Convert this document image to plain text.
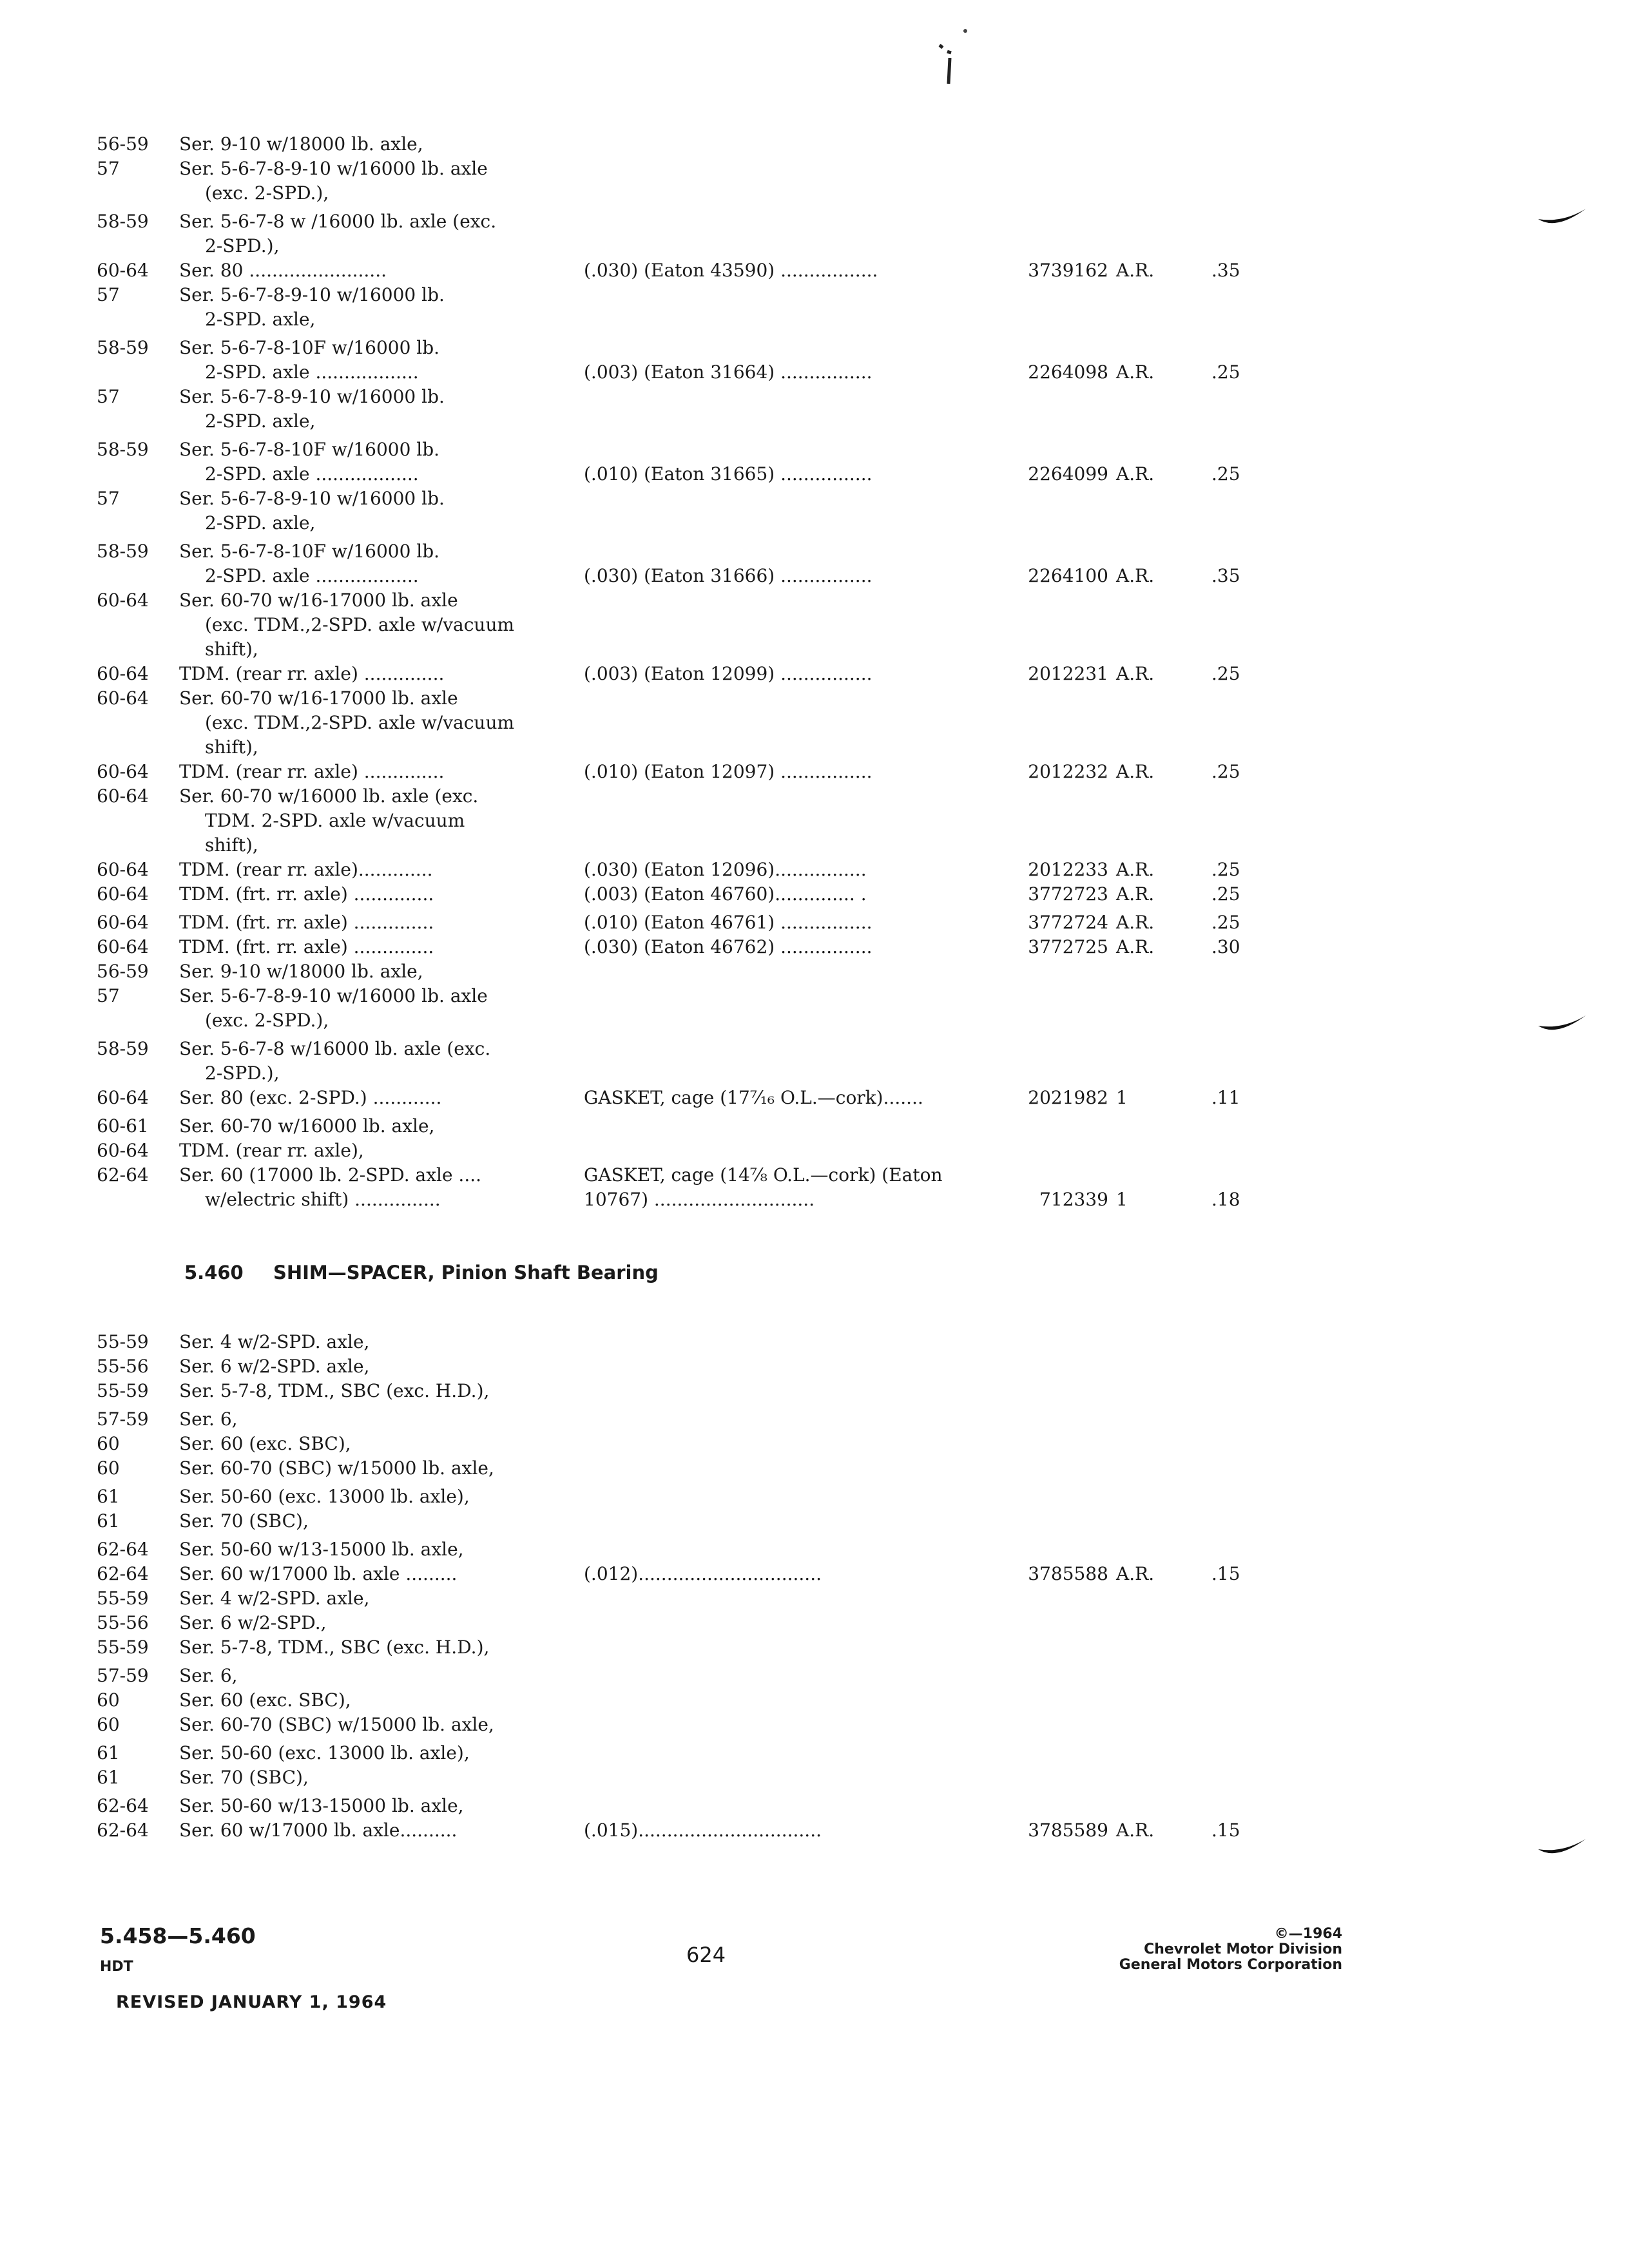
56-59	Ser. 9-10 w/18000 lb. axle,
57	Ser. 5-6-7-8-9-10 w/16000 lb. axle
(exc. 2-SPD.),
58-59	Ser. 5-6-7-8 w /16000 lb. axle (exc.
2-SPD.),
60-64	Ser. 80 ........................	(.030) (Eaton 43590) .................	3739162 A.R.	.35
57	Ser. 5-6-7-8-9-10 w/16000 lb.
2-SPD. axle,
58-59	Ser. 5-6-7-8-10F w/16000 lb.
2-SPD. axle ..................	(.003) (Eaton 31664) ................	2264098 A.R.	.25
57	Ser. 5-6-7-8-9-10 w/16000 lb.
2-SPD. axle,
58-59	Ser. 5-6-7-8-10F w/16000 lb.
2-SPD. axle ..................	(.010) (Eaton 31665) ................	2264099 A.R.	.25
57	Ser. 5-6-7-8-9-10 w/16000 lb.
2-SPD. axle,
58-59	Ser. 5-6-7-8-10F w/16000 lb.
2-SPD. axle ..................	(.030) (Eaton 31666) ................	2264100 A.R.	.35
60-64	Ser. 60-70 w/16-17000 lb. axle
(exc. TDM.,2-SPD. axle w/vacuum
shift),
60-64	TDM. (rear rr. axle) ..............	(.003) (Eaton 12099) ................	2012231 A.R.	.25
60-64	Ser. 60-70 w/16-17000 lb. axle
(exc. TDM.,2-SPD. axle w/vacuum
shift),
60-64	TDM. (rear rr. axle) ..............	(.010) (Eaton 12097) ................	2012232 A.R.	.25
60-64	Ser. 60-70 w/16000 lb. axle (exc.
TDM. 2-SPD. axle w/vacuum
shift),
60-64	TDM. (rear rr. axle).............	(.030) (Eaton 12096)................	2012233 A.R.	.25
60-64	TDM. (frt. rr. axle) ..............	(.003) (Eaton 46760).............. .	3772723 A.R.	.25
60-64	TDM. (frt. rr. axle) ..............	(.010) (Eaton 46761) ................	3772724 A.R.	.25
60-64	TDM. (frt. rr. axle) ..............	(.030) (Eaton 46762) ................	3772725 A.R.	.30
56-59	Ser. 9-10 w/18000 lb. axle,
57	Ser. 5-6-7-8-9-10 w/16000 lb. axle
(exc. 2-SPD.),
58-59	Ser. 5-6-7-8 w/16000 lb. axle (exc.
2-SPD.),
60-64	Ser. 80 (exc. 2-SPD.) ............	GASKET, cage (17⁷⁄₁₆ O.L.—cork).......	2021982 1	.11
60-61	Ser. 60-70 w/16000 lb. axle,
60-64	TDM. (rear rr. axle),
62-64	Ser. 60 (17000 lb. 2-SPD. axle ....	GASKET, cage (14⅞ O.L.—cork) (Eaton
w/electric shift) ...............	10767) ............................	712339 1	.18
5.460 SHIM—SPACER, Pinion Shaft Bearing
55-59	Ser. 4 w/2-SPD. axle,
55-56	Ser. 6 w/2-SPD. axle,
55-59	Ser. 5-7-8, TDM., SBC (exc. H.D.),
57-59	Ser. 6,
60	Ser. 60 (exc. SBC),
60	Ser. 60-70 (SBC) w/15000 lb. axle,
61	Ser. 50-60 (exc. 13000 lb. axle),
61	Ser. 70 (SBC),
62-64	Ser. 50-60 w/13-15000 lb. axle,
62-64	Ser. 60 w/17000 lb. axle .........	(.012)................................	3785588 A.R.	.15
55-59	Ser. 4 w/2-SPD. axle,
55-56	Ser. 6 w/2-SPD.,
55-59	Ser. 5-7-8, TDM., SBC (exc. H.D.),
57-59	Ser. 6,
60	Ser. 60 (exc. SBC),
60	Ser. 60-70 (SBC) w/15000 lb. axle,
61	Ser. 50-60 (exc. 13000 lb. axle),
61	Ser. 70 (SBC),
62-64	Ser. 50-60 w/13-15000 lb. axle,
62-64	Ser. 60 w/17000 lb. axle..........	(.015)................................	3785589 A.R.	.15
5.458—5.460
HDT
REVISED JANUARY 1, 1964
624
©—1964
Chevrolet Motor Division
General Motors Corporation
